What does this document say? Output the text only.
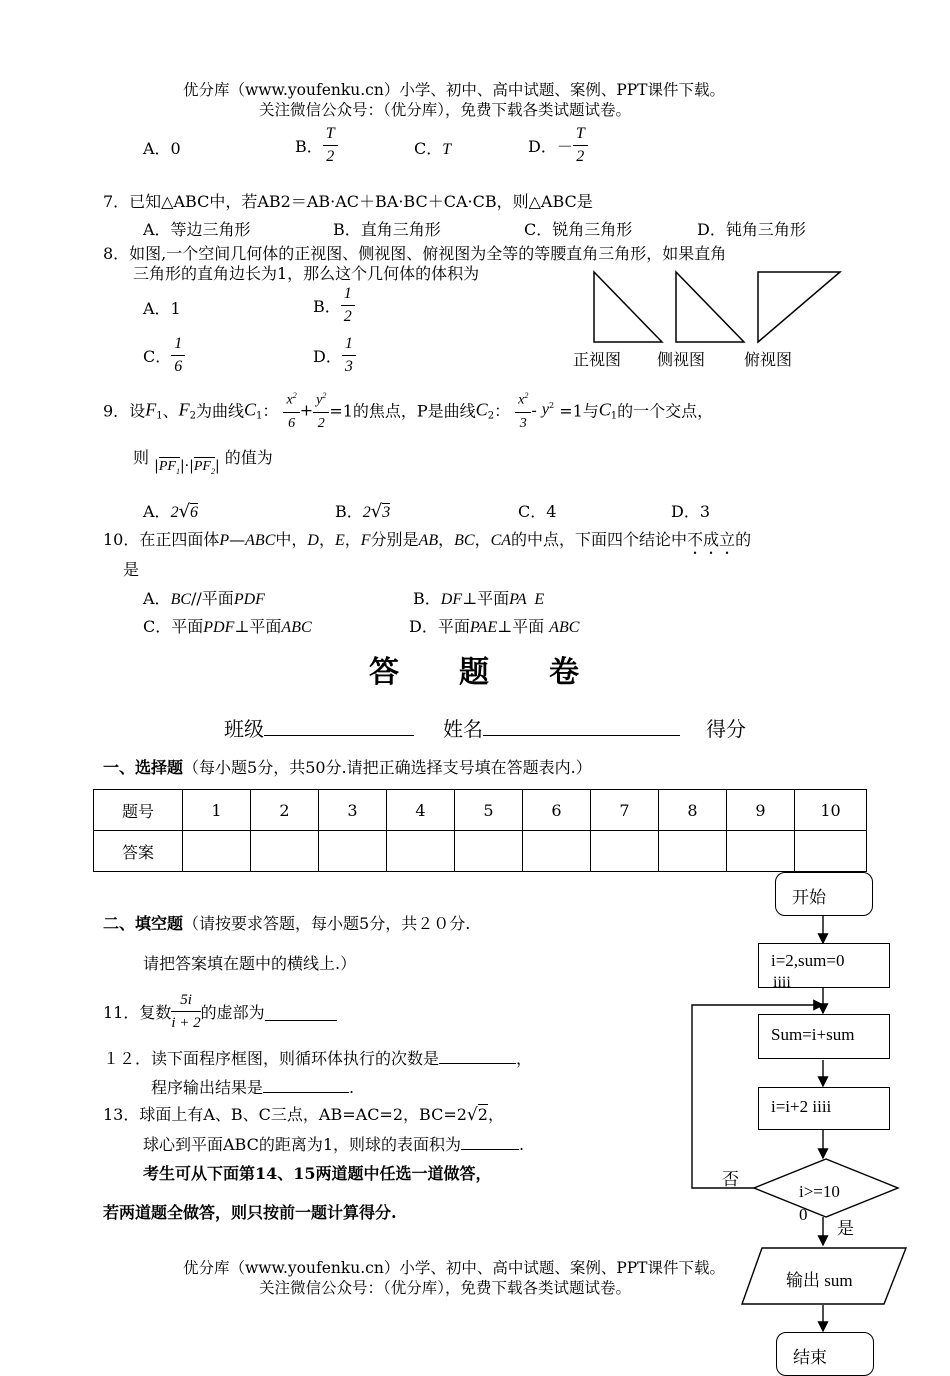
优分库（www.youfenku.cn）小学、初中、高中试题、案例、PPT课件下载。
关注微信公众号：（优分库），免费下载各类试题试卷。
A．0	B． $\frac{T}{2}$	C．T	D．－ $\frac{T}{2}$
7．已知△ABC中，若AB2＝AB·AC＋BA·BC＋CA·CB，则△ABC是
A．等边三角形	B．直角三角形	C．锐角三角形	D．钝角三角形
8．如图,一个空间几何体的正视图、侧视图、俯视图为全等的等腰直角三角形，如果直角
三角形的直角边长为1，那么这个几何体的体积为
A．1	B． $\frac{1}{2}$
C． $\frac{1}{6}$	D． $\frac{1}{3}$	正视图 侧视图 俯视图
9．设$F_1$、$F_2$为曲线$C_1$： $\frac{x^2}{6} + \frac{y^2}{2} =1$的焦点，P是曲线$C_2$： $\frac{x^2}{3} - y^2 =1$与$C_1$的一个交点，
则 $|PF_1|\cdot|PF_2|$ 的值为
A．2√6	B．2√3	C．4	D．3
10．在正四面体P—ABC中，D，E，F分别是AB，BC，CA的中点，下面四个结论中不成立的
是
A．BC//平面PDF	B．DF⊥平面PA  E
C．平面PDF⊥平面ABC	D．平面PAE⊥平面 ABC
答　　题　　卷
班级	姓名	得分
一、选择题（每小题5分，共50分.请把正确选择支号填在答题表内.）
题号	1	2	3	4	5	6	7	8	9	10
答案										
二、填空题（请按要求答题，每小题5分，共２０分.
请把答案填在题中的横线上.）
11．复数 $\frac{5i}{i + 2}$ 的虚部为
１２．读下面程序框图，则循环体执行的次数是	，
程序输出结果是	.
13．球面上有A、B、C三点，AB=AC=2，BC=2√2，
球心到平面ABC的距离为1，则球的表面积为	.
考生可从下面第14、15两道题中任选一道做答，
若两道题全做答，则只按前一题计算得分.
优分库（www.youfenku.cn）小学、初中、高中试题、案例、PPT课件下载。
关注微信公众号：（优分库），免费下载各类试题试卷。
开始
i=2,sum=0
iiii
Sum=i+sum
i=i+2 iiii
i>=10
0
否
是
输出 sum
结束
